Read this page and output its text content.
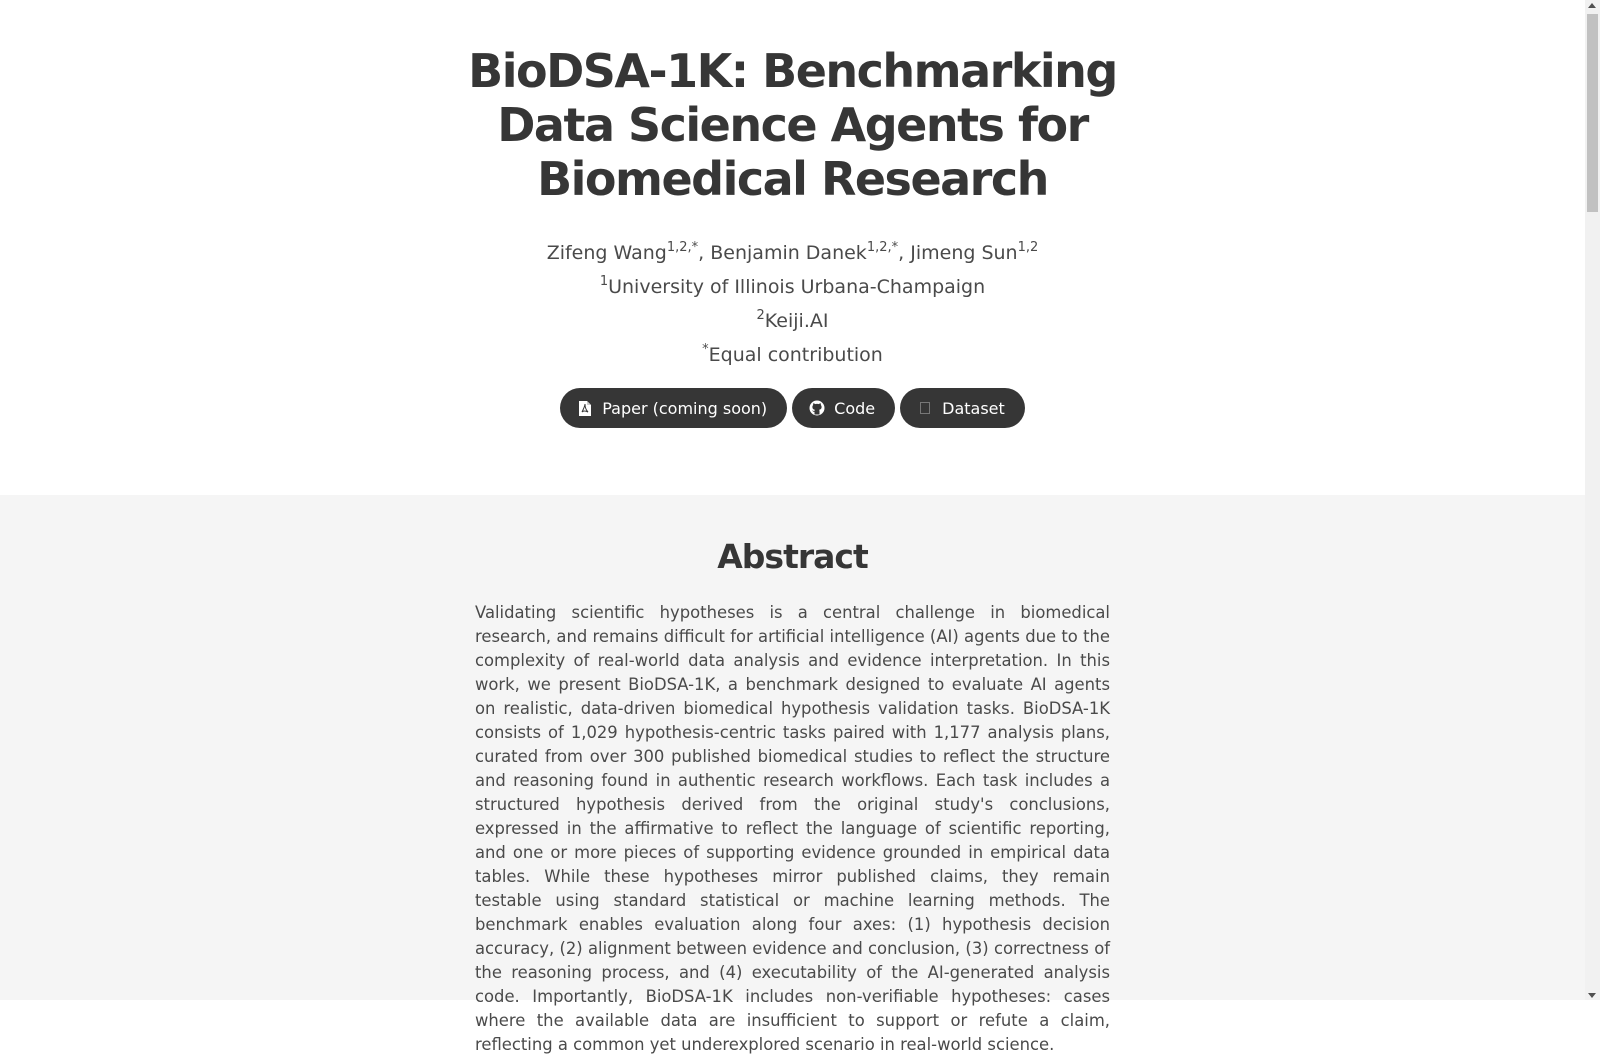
BioDSA-1K: Benchmarking Data Science Agents for Biomedical Research
Zifeng Wang$^{1,2,*}$, Benjamin Danek$^{1,2,*}$, Jimeng Sun$^{1,2}$
$^1$University of Illinois Urbana-Champaign
$^2$Keiji.AI
*Equal contribution
Paper (coming soon)	Code	Dataset
Abstract

Validating scientific hypotheses is a central challenge in biomedical research, and remains difficult for artificial intelligence (AI) agents due to the complexity of real-world data analysis and evidence interpretation. In this work, we present BioDSA-1K, a benchmark designed to evaluate AI agents on realistic, data-driven biomedical hypothesis validation tasks. BioDSA-1K consists of 1,029 hypothesis-centric tasks paired with 1,177 analysis plans, curated from over 300 published biomedical studies to reflect the structure and reasoning found in authentic research workflows. Each task includes a structured hypothesis derived from the original study's conclusions, expressed in the affirmative to reflect the language of scientific reporting, and one or more pieces of supporting evidence grounded in empirical data tables. While these hypotheses mirror published claims, they remain testable using standard statistical or machine learning methods. The benchmark enables evaluation along four axes: (1) hypothesis decision accuracy, (2) alignment between evidence and conclusion, (3) correctness of the reasoning process, and (4) executability of the AI-generated analysis code. Importantly, BioDSA-1K includes non-verifiable hypotheses: cases where the available data are insufficient to support or refute a claim, reflecting a common yet underexplored scenario in real-world science.
